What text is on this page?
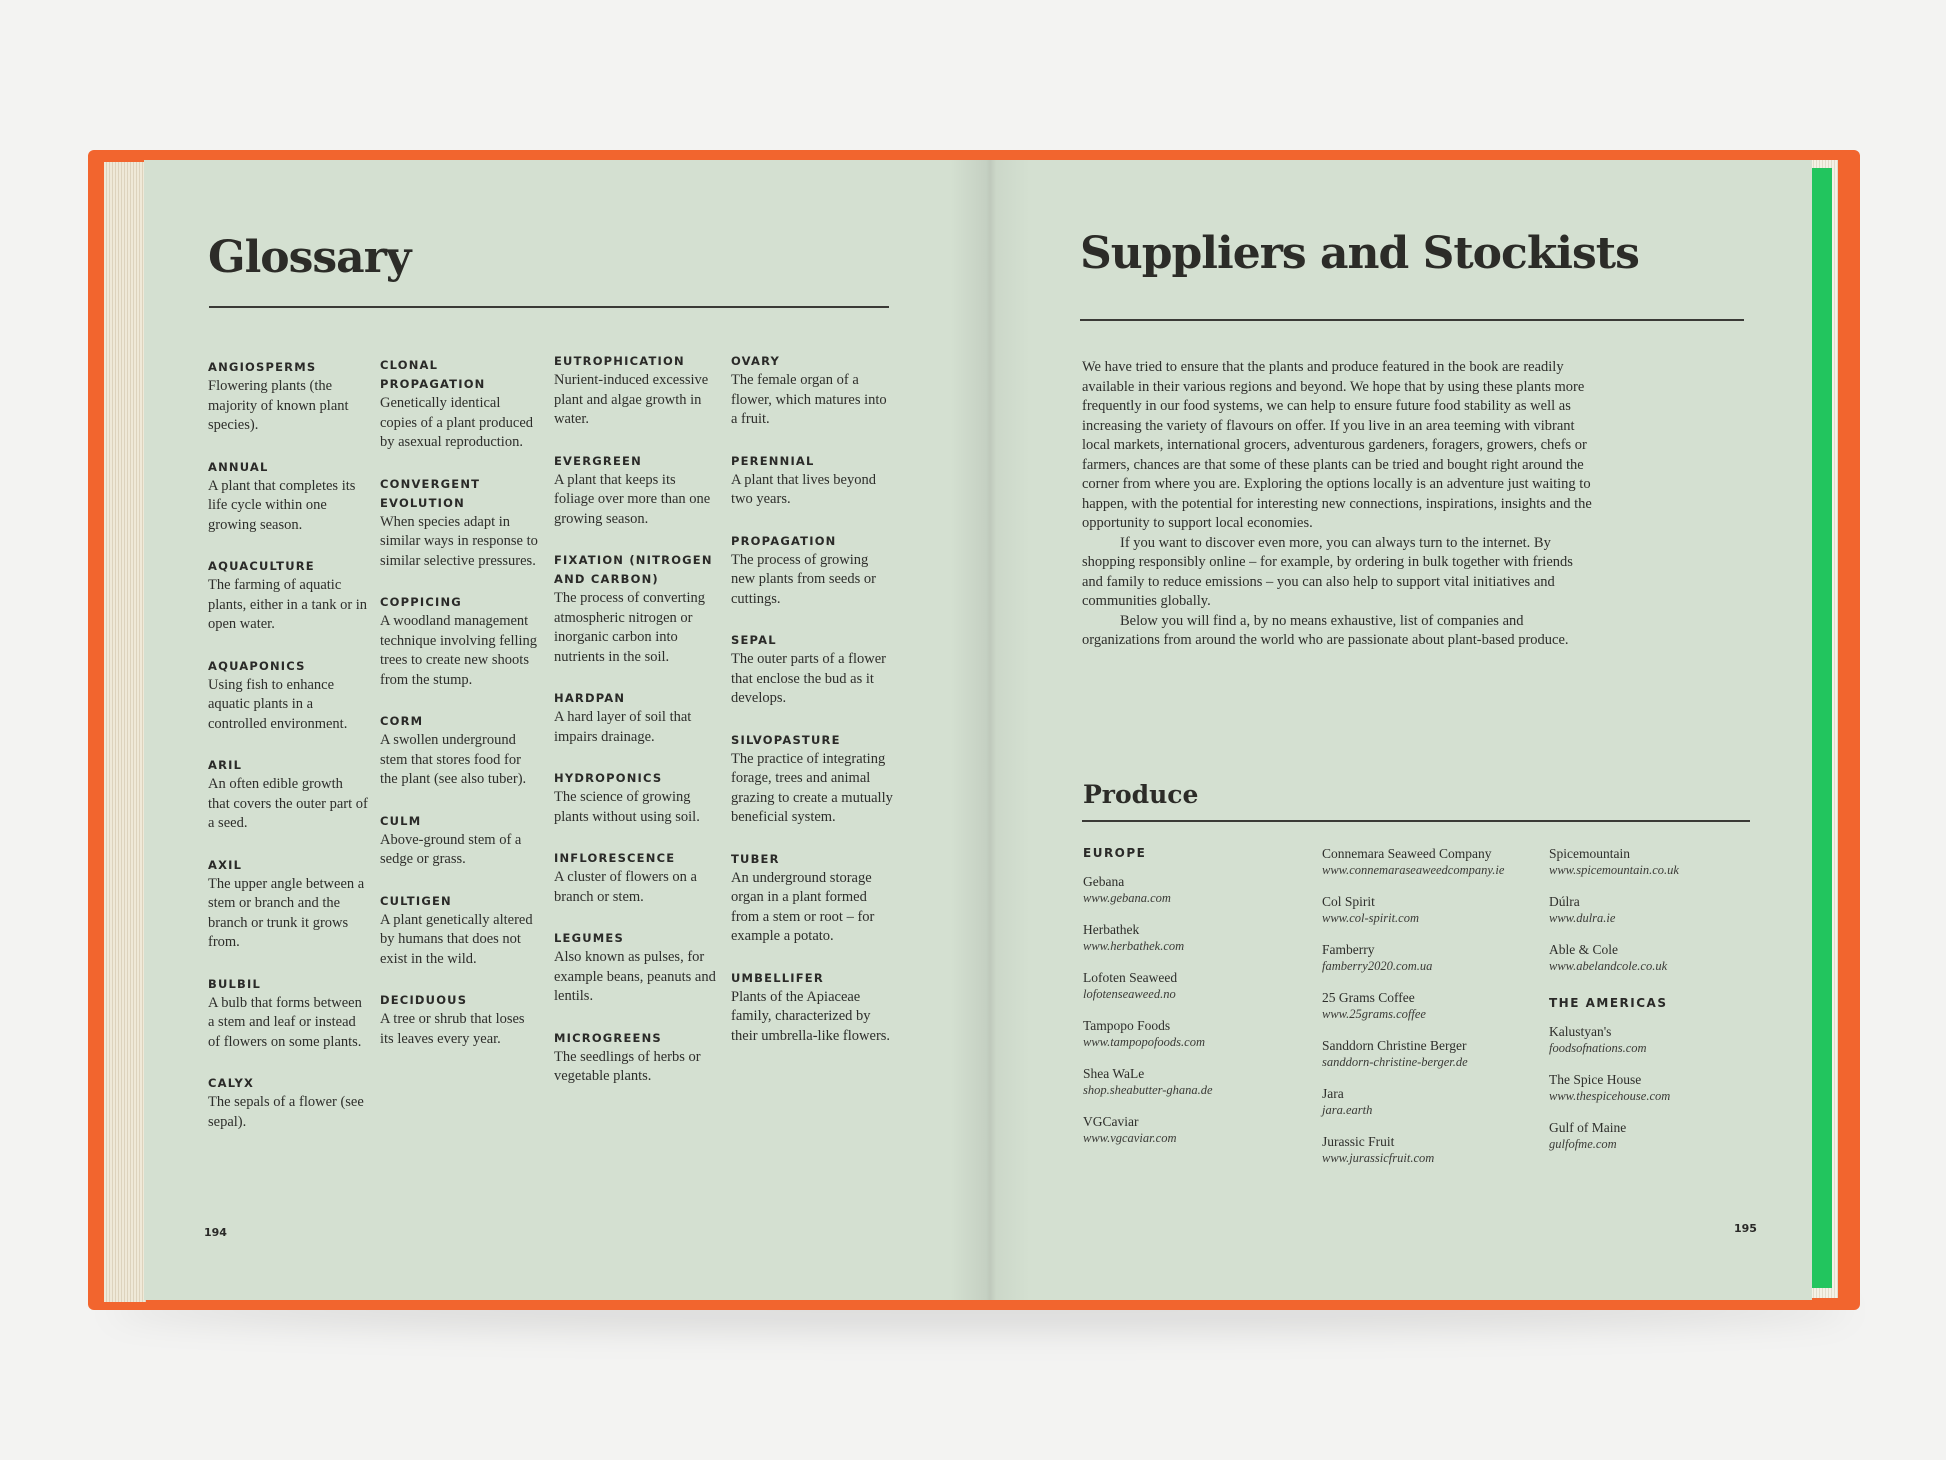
Glossary
ANGIOSPERMS
Flowering plants (the majority of known plant species).
ANNUAL
A plant that completes its life cycle within one growing season.
AQUACULTURE
The farming of aquatic plants, either in a tank or in open water.
AQUAPONICS
Using fish to enhance aquatic plants in a controlled environment.
ARIL
An often edible growth that covers the outer part of a seed.
AXIL
The upper angle between a stem or branch and the branch or trunk it grows from.
BULBIL
A bulb that forms between a stem and leaf or instead of flowers on some plants.
CALYX
The sepals of a flower (see sepal).
CLONAL PROPAGATION
Genetically identical copies of a plant produced by asexual reproduction.
CONVERGENT EVOLUTION
When species adapt in similar ways in response to similar selective pressures.
COPPICING
A woodland management technique involving felling trees to create new shoots from the stump.
CORM
A swollen underground stem that stores food for the plant (see also tuber).
CULM
Above-ground stem of a sedge or grass.
CULTIGEN
A plant genetically altered by humans that does not exist in the wild.
DECIDUOUS
A tree or shrub that loses its leaves every year.
EUTROPHICATION
Nurient-induced excessive plant and algae growth in water.
EVERGREEN
A plant that keeps its foliage over more than one growing season.
FIXATION (NITROGEN AND CARBON)
The process of converting atmospheric nitrogen or inorganic carbon into nutrients in the soil.
HARDPAN
A hard layer of soil that impairs drainage.
HYDROPONICS
The science of growing plants without using soil.
INFLORESCENCE
A cluster of flowers on a branch or stem.
LEGUMES
Also known as pulses, for example beans, peanuts and lentils.
MICROGREENS
The seedlings of herbs or vegetable plants.
OVARY
The female organ of a flower, which matures into a fruit.
PERENNIAL
A plant that lives beyond two years.
PROPAGATION
The process of growing new plants from seeds or cuttings.
SEPAL
The outer parts of a flower that enclose the bud as it develops.
SILVOPASTURE
The practice of integrating forage, trees and animal grazing to create a mutually beneficial system.
TUBER
An underground storage organ in a plant formed from a stem or root – for example a potato.
UMBELLIFER
Plants of the Apiaceae family, characterized by their umbrella-like flowers.
194
Suppliers and Stockists

We have tried to ensure that the plants and produce featured in the book are readily available in their various regions and beyond. We hope that by using these plants more frequently in our food systems, we can help to ensure future food stability as well as increasing the variety of flavours on offer. If you live in an area teeming with vibrant local markets, international grocers, adventurous gardeners, foragers, growers, chefs or farmers, chances are that some of these plants can be tried and bought right around the corner from where you are. Exploring the options locally is an adventure just waiting to happen, with the potential for interesting new connections, inspirations, insights and the opportunity to support local economies.

If you want to discover even more, you can always turn to the internet. By shopping responsibly online – for example, by ordering in bulk together with friends and family to reduce emissions – you can also help to support vital initiatives and communities globally.

Below you will find a, by no means exhaustive, list of companies and organizations from around the world who are passionate about plant-based produce.

Produce
EUROPE
Gebana
www.gebana.com
Herbathek
www.herbathek.com
Lofoten Seaweed
lofotenseaweed.no
Tampopo Foods
www.tampopofoods.com
Shea WaLe
shop.sheabutter-ghana.de
VGCaviar
www.vgcaviar.com
Connemara Seaweed Company
www.connemaraseaweedcompany.ie
Col Spirit
www.col-spirit.com
Famberry
famberry2020.com.ua
25 Grams Coffee
www.25grams.coffee
Sanddorn Christine Berger
sanddorn-christine-berger.de
Jara
jara.earth
Jurassic Fruit
www.jurassicfruit.com
Spicemountain
www.spicemountain.co.uk
Dúlra
www.dulra.ie
Able & Cole
www.abelandcole.co.uk
THE AMERICAS
Kalustyan's
foodsofnations.com
The Spice House
www.thespicehouse.com
Gulf of Maine
gulfofme.com
195
